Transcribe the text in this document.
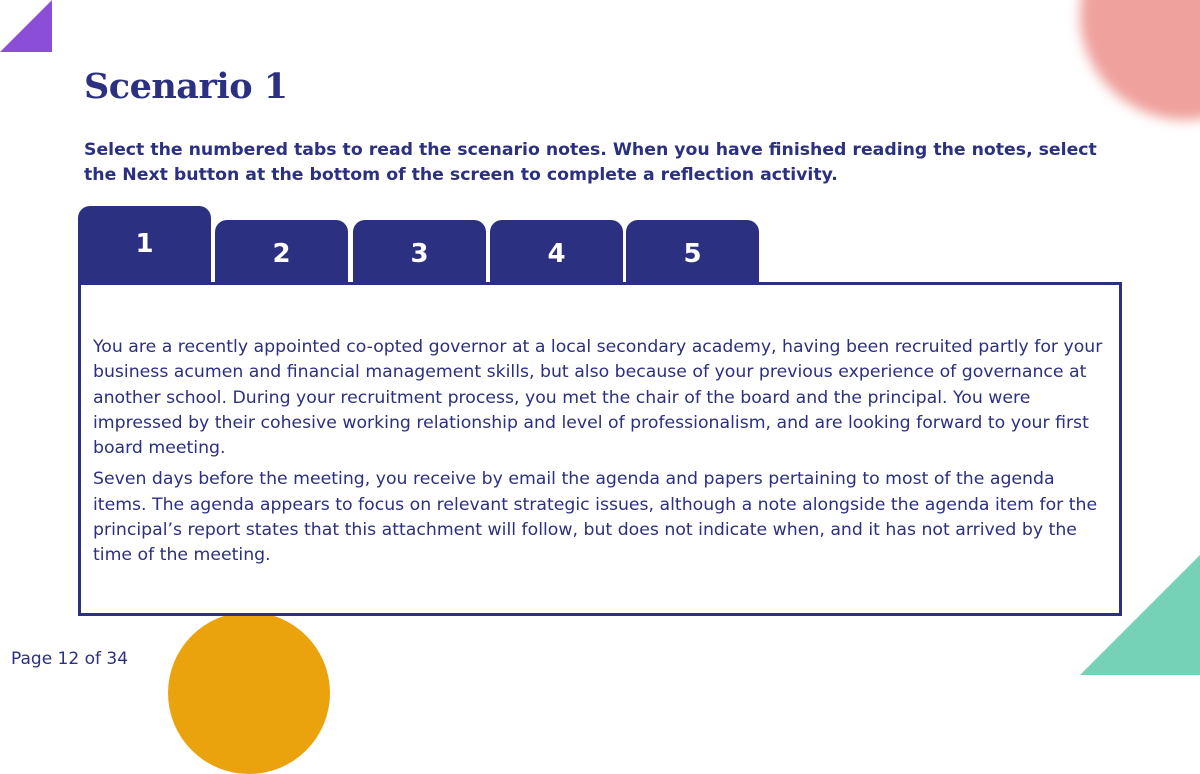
Scenario 1

Select the numbered tabs to read the scenario notes. When you have finished reading the notes, select the Next button at the bottom of the screen to complete a reflection activity.

1	2	3	4	5

You are a recently appointed co-opted governor at a local secondary academy, having been recruited partly for your business acumen and financial management skills, but also because of your previous experience of governance at another school. During your recruitment process, you met the chair of the board and the principal. You were impressed by their cohesive working relationship and level of professionalism, and are looking forward to your first board meeting.

Seven days before the meeting, you receive by email the agenda and papers pertaining to most of the agenda items. The agenda appears to focus on relevant strategic issues, although a note alongside the agenda item for the principal’s report states that this attachment will follow, but does not indicate when, and it has not arrived by the time of the meeting.

Page 12 of 34
